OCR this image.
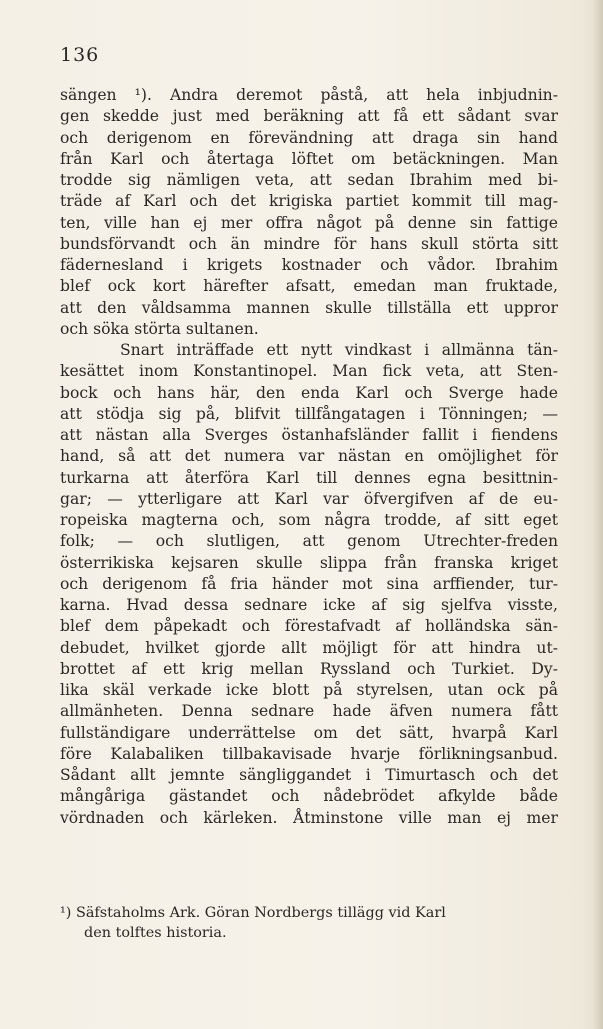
136
sängen ¹). Andra deremot påstå, att hela inbjudnin-
gen skedde just med beräkning att få ett sådant svar
och derigenom en förevändning att draga sin hand
från Karl och återtaga löftet om betäckningen. Man
trodde sig nämligen veta, att sedan Ibrahim med bi-
träde af Karl och det krigiska partiet kommit till mag-
ten, ville han ej mer offra något på denne sin fattige
bundsförvandt och än mindre för hans skull störta sitt
fädernesland i krigets kostnader och vådor. Ibrahim
blef ock kort härefter afsatt, emedan man fruktade,
att den våldsamma mannen skulle tillställa ett uppror
och söka störta sultanen.
Snart inträffade ett nytt vindkast i allmänna tän-
kesättet inom Konstantinopel. Man fick veta, att Sten-
bock och hans här, den enda Karl och Sverge hade
att stödja sig på, blifvit tillfångatagen i Tönningen; —
att nästan alla Sverges östanhafsländer fallit i fiendens
hand, så att det numera var nästan en omöjlighet för
turkarna att återföra Karl till dennes egna besittnin-
gar; — ytterligare att Karl var öfvergifven af de eu-
ropeiska magterna och, som några trodde, af sitt eget
folk; — och slutligen, att genom Utrechter-freden
österrikiska kejsaren skulle slippa från franska kriget
och derigenom få fria händer mot sina arffiender, tur-
karna. Hvad dessa sednare icke af sig sjelfva visste,
blef dem påpekadt och förestafvadt af holländska sän-
debudet, hvilket gjorde allt möjligt för att hindra ut-
brottet af ett krig mellan Ryssland och Turkiet. Dy-
lika skäl verkade icke blott på styrelsen, utan ock på
allmänheten. Denna sednare hade äfven numera fått
fullständigare underrättelse om det sätt, hvarpå Karl
före Kalabaliken tillbakavisade hvarje förlikningsanbud.
Sådant allt jemnte sängliggandet i Timurtasch och det
mångåriga gästandet och nådebrödet afkylde både
vördnaden och kärleken. Åtminstone ville man ej mer
¹) Säfstaholms Ark. Göran Nordbergs tillägg vid Karl
den tolftes historia.
